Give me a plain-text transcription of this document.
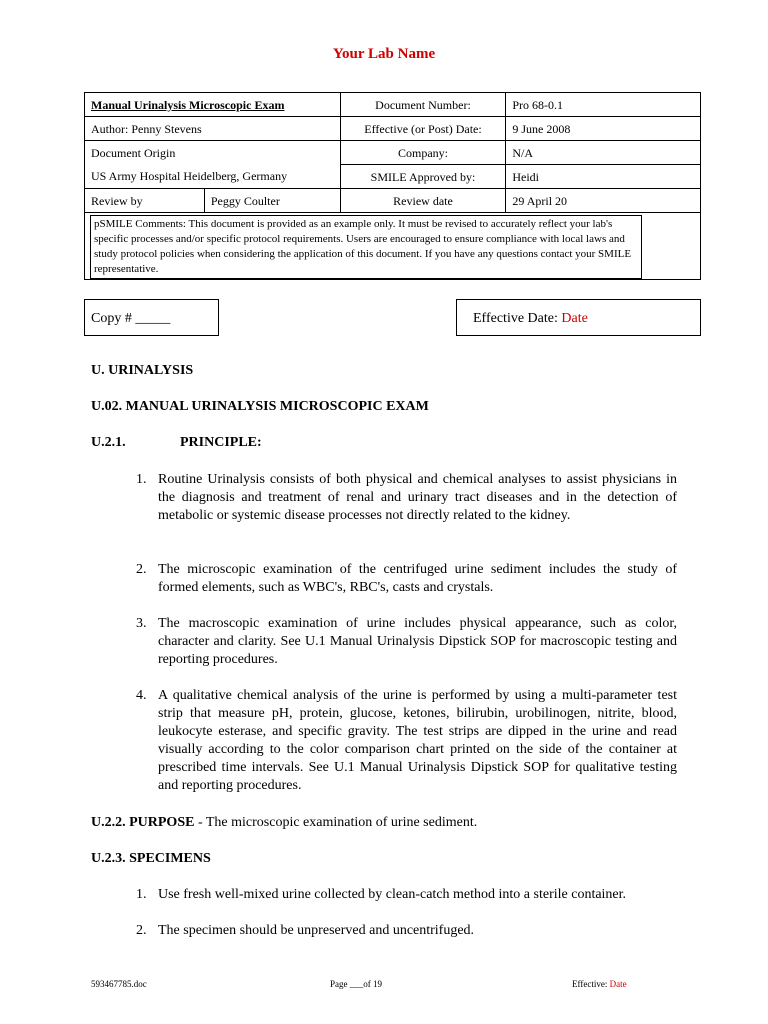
Your Lab Name
Manual Urinalysis Microscopic Exam		Document Number:	Pro 68-0.1
Author: Penny Stevens		Effective (or Post) Date:	9 June 2008

Document Origin
US Army Hospital Heidelberg, Germany		Company:	N/A
		SMILE Approved by:	Heidi
Review by	Peggy Coulter	Review date	29 April 20

pSMILE Comments: This document is provided as an example only. It must be revised to accurately reflect your lab's specific processes and/or specific protocol requirements. Users are encouraged to ensure compliance with local laws and study protocol policies when considering the application of this document. If you have any questions contact your SMILE representative.			
Copy # _____	Effective Date: Date
U. URINALYSIS
U.02. MANUAL URINALYSIS MICROSCOPIC EXAM
U.2.1.	PRINCIPLE:
1. Routine Urinalysis consists of both physical and chemical analyses to assist physicians in the diagnosis and treatment of renal and urinary tract diseases and in the detection of metabolic or systemic disease processes not directly related to the kidney.
2. The microscopic examination of the centrifuged urine sediment includes the study of formed elements, such as WBC's, RBC's, casts and crystals.
3. The macroscopic examination of urine includes physical appearance, such as color, character and clarity. See U.1 Manual Urinalysis Dipstick SOP for macroscopic testing and reporting procedures.
4. A qualitative chemical analysis of the urine is performed by using a multi-parameter test strip that measure pH, protein, glucose, ketones, bilirubin, urobilinogen, nitrite, blood, leukocyte esterase, and specific gravity. The test strips are dipped in the urine and read visually according to the color comparison chart printed on the side of the container at prescribed time intervals. See U.1 Manual Urinalysis Dipstick SOP for qualitative testing and reporting procedures.
U.2.2. PURPOSE - The microscopic examination of urine sediment.
U.2.3. SPECIMENS
1. Use fresh well-mixed urine collected by clean-catch method into a sterile container.
2. The specimen should be unpreserved and uncentrifuged.
593467785.doc	Page ___of 19	Effective: Date
